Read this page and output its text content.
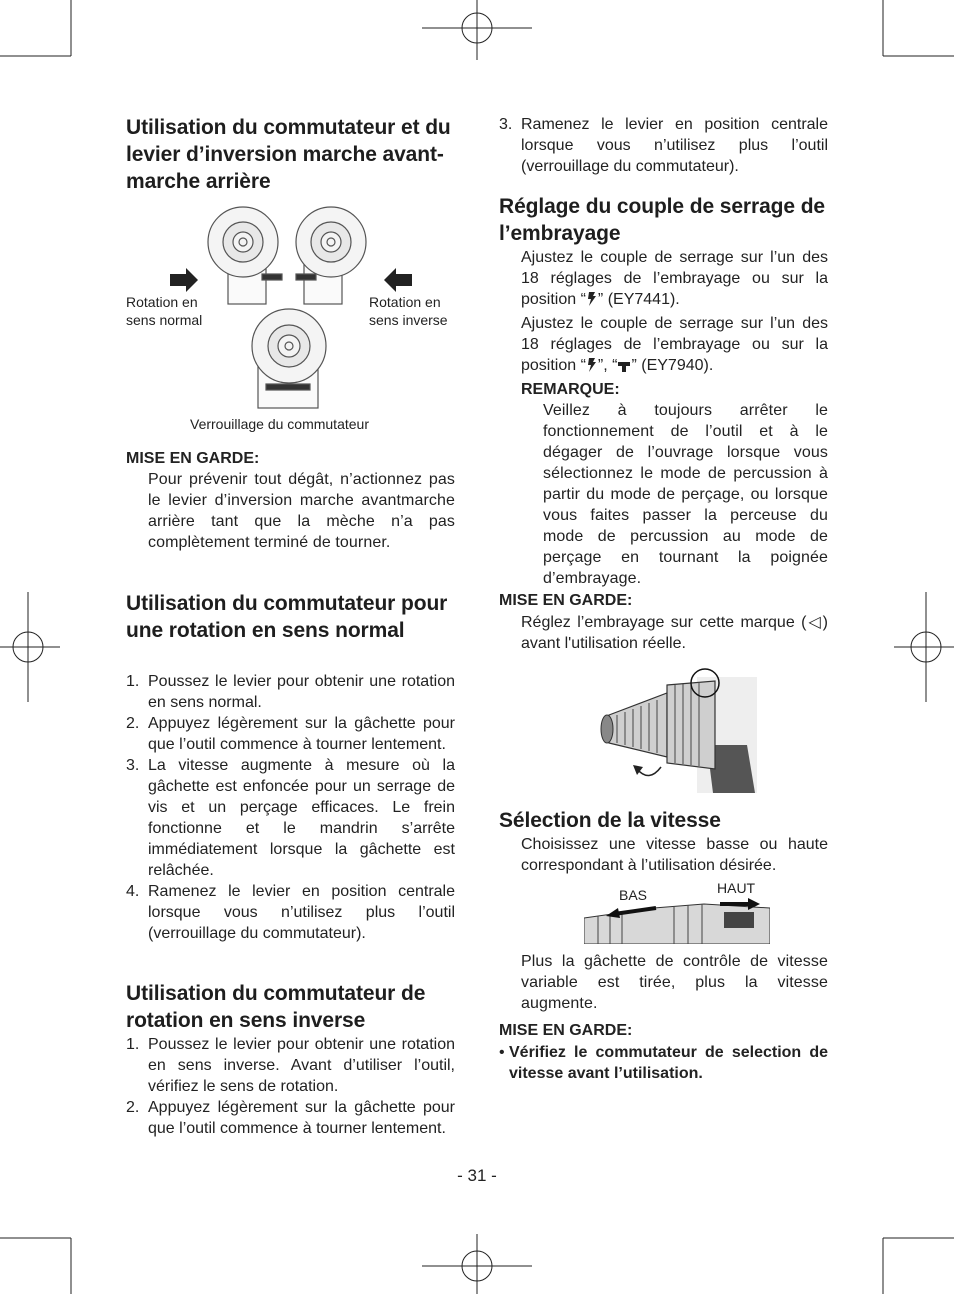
Utilisation du commutateur et du levier d’inversion marche avant-marche arrière
Rotation en sens normal
Rotation en sens inverse
Verrouillage du commutateur
MISE EN GARDE:

Pour prévenir tout dégât, n’actionnez pas le levier d’inversion marche avantmarche arrière tant que la mèche n’a pas complètement terminé de tourner.

Utilisation du commutateur pour une rotation en sens normal
1. Poussez le levier pour obtenir une rotation en sens normal.
2. Appuyez légèrement sur la gâchette pour que l’outil commence à tourner lentement.
3. La vitesse augmente à mesure où la gâchette est enfoncée pour un serrage de vis et un perçage efficaces. Le frein fonctionne et le mandrin s’arrête immédiatement lorsque la gâchette est relâchée.
4. Ramenez le levier en position centrale lorsque vous n’utilisez plus l’outil (verrouillage du commutateur).
Utilisation du commutateur de rotation en sens inverse
1. Poussez le levier pour obtenir une rotation en sens inverse. Avant d’utiliser l’outil, vérifiez le sens de rotation.
2. Appuyez légèrement sur la gâchette pour que l’outil commence à tourner lentement.
3. Ramenez le levier en position centrale lorsque vous n’utilisez plus l’outil (verrouillage du commutateur).
Réglage du couple de serrage de l’embrayage

Ajustez le couple de serrage sur l’un des 18 réglages de l’embrayage ou sur la position “ ” (EY7441).

Ajustez le couple de serrage sur l’un des 18 réglages de l’embrayage ou sur la position “ ”, “ ” (EY7940).

REMARQUE:

Veillez à toujours arrêter le fonctionnement de l’outil et à le dégager de l’ouvrage lorsque vous sélectionnez le mode de percussion à partir du mode de perçage, ou lorsque vous faites passer la perceuse du mode de percussion au mode de perçage en tournant la poignée d’embrayage.

MISE EN GARDE:

Réglez l’embrayage sur cette marque (◁) avant l'utilisation réelle.

Sélection de la vitesse

Choisissez une vitesse basse ou haute correspondant à l’utilisation désirée.

BAS	HAUT

Plus la gâchette de contrôle de vitesse variable est tirée, plus la vitesse augmente.

MISE EN GARDE:

• Vérifiez le commutateur de selection de vitesse avant l’utilisation.

- 31 -
